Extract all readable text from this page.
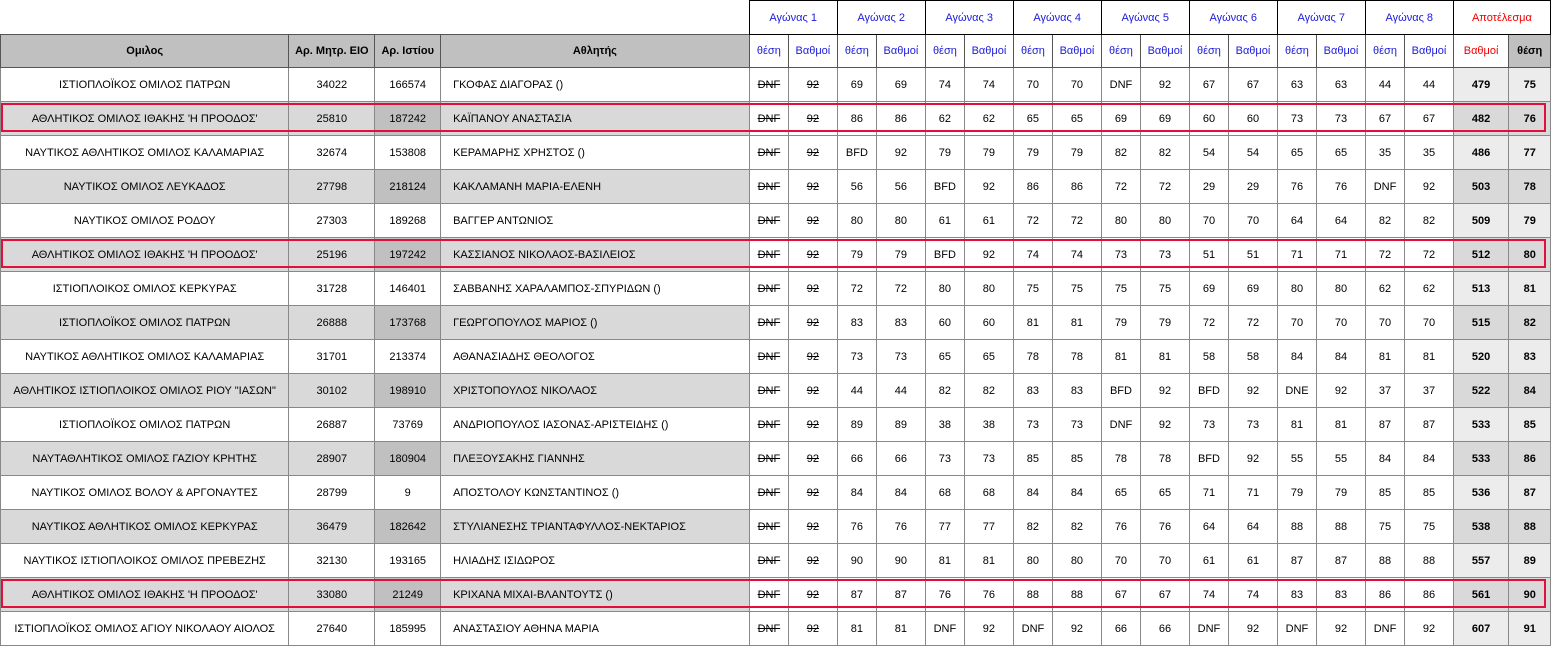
				Αγώνας 1		Αγώνας 2		Αγώνας 3		Αγώνας 4		Αγώνας 5		Αγώνας 6		Αγώνας 7		Αγώνας 8		Αποτέλεσμα	
Ομιλος	Αρ. Μητρ. ΕΙΟ	Αρ. Ιστίου	Αθλητής	θέση	Βαθμοί	θέση	Βαθμοί	θέση	Βαθμοί	θέση	Βαθμοί	θέση	Βαθμοί	θέση	Βαθμοί	θέση	Βαθμοί	θέση	Βαθμοί	Βαθμοί	θέση
ΙΣΤΙΟΠΛΟΪΚΟΣ ΟΜΙΛΟΣ ΠΑΤΡΩΝ	34022	166574	ΓΚΟΦΑΣ ΔΙΑΓΟΡΑΣ ()	DNF	92	69	69	74	74	70	70	DNF	92	67	67	63	63	44	44	479	75
ΑΘΛΗΤΙΚΟΣ ΟΜΙΛΟΣ ΙΘΑΚΗΣ 'Η ΠΡΟΟΔΟΣ'	25810	187242	ΚΑΪΠΑΝΟΥ ΑΝΑΣΤΑΣΙΑ	DNF	92	86	86	62	62	65	65	69	69	60	60	73	73	67	67	482	76
ΝΑΥΤΙΚΟΣ ΑΘΛΗΤΙΚΟΣ ΟΜΙΛΟΣ ΚΑΛΑΜΑΡΙΑΣ	32674	153808	ΚΕΡΑΜΑΡΗΣ ΧΡΗΣΤΟΣ ()	DNF	92	BFD	92	79	79	79	79	82	82	54	54	65	65	35	35	486	77
ΝΑΥΤΙΚΟΣ ΟΜΙΛΟΣ ΛΕΥΚΑΔΟΣ	27798	218124	ΚΑΚΛΑΜΑΝΗ ΜΑΡΙΑ-ΕΛΕΝΗ	DNF	92	56	56	BFD	92	86	86	72	72	29	29	76	76	DNF	92	503	78
ΝΑΥΤΙΚΟΣ ΟΜΙΛΟΣ ΡΟΔΟΥ	27303	189268	ΒΑΓΓΕΡ ΑΝΤΩΝΙΟΣ	DNF	92	80	80	61	61	72	72	80	80	70	70	64	64	82	82	509	79
ΑΘΛΗΤΙΚΟΣ ΟΜΙΛΟΣ ΙΘΑΚΗΣ 'Η ΠΡΟΟΔΟΣ'	25196	197242	ΚΑΣΣΙΑΝΟΣ ΝΙΚΟΛΑΟΣ-ΒΑΣΙΛΕΙΟΣ	DNF	92	79	79	BFD	92	74	74	73	73	51	51	71	71	72	72	512	80
ΙΣΤΙΟΠΛΟΙΚΟΣ ΟΜΙΛΟΣ ΚΕΡΚΥΡΑΣ	31728	146401	ΣΑΒΒΑΝΗΣ ΧΑΡΑΛΑΜΠΟΣ-ΣΠΥΡΙΔΩΝ ()	DNF	92	72	72	80	80	75	75	75	75	69	69	80	80	62	62	513	81
ΙΣΤΙΟΠΛΟΪΚΟΣ ΟΜΙΛΟΣ ΠΑΤΡΩΝ	26888	173768	ΓΕΩΡΓΟΠΟΥΛΟΣ ΜΑΡΙΟΣ ()	DNF	92	83	83	60	60	81	81	79	79	72	72	70	70	70	70	515	82
ΝΑΥΤΙΚΟΣ ΑΘΛΗΤΙΚΟΣ ΟΜΙΛΟΣ ΚΑΛΑΜΑΡΙΑΣ	31701	213374	ΑΘΑΝΑΣΙΑΔΗΣ ΘΕΟΛΟΓΟΣ	DNF	92	73	73	65	65	78	78	81	81	58	58	84	84	81	81	520	83
ΑΘΛΗΤΙΚΟΣ ΙΣΤΙΟΠΛΟΙΚΟΣ ΟΜΙΛΟΣ ΡΙΟΥ "ΙΑΣΩΝ"	30102	198910	ΧΡΙΣΤΟΠΟΥΛΟΣ ΝΙΚΟΛΑΟΣ	DNF	92	44	44	82	82	83	83	BFD	92	BFD	92	DNE	92	37	37	522	84
ΙΣΤΙΟΠΛΟΪΚΟΣ ΟΜΙΛΟΣ ΠΑΤΡΩΝ	26887	73769	ΑΝΔΡΙΟΠΟΥΛΟΣ ΙΑΣΟΝΑΣ-ΑΡΙΣΤΕΙΔΗΣ ()	DNF	92	89	89	38	38	73	73	DNF	92	73	73	81	81	87	87	533	85
ΝΑΥΤΑΘΛΗΤΙΚΟΣ ΟΜΙΛΟΣ ΓΑΖΙΟΥ ΚΡΗΤΗΣ	28907	180904	ΠΛΕΞΟΥΣΑΚΗΣ ΓΙΑΝΝΗΣ	DNF	92	66	66	73	73	85	85	78	78	BFD	92	55	55	84	84	533	86
ΝΑΥΤΙΚΟΣ ΟΜΙΛΟΣ ΒΟΛΟΥ & ΑΡΓΟΝΑΥΤΕΣ	28799	9	ΑΠΟΣΤΟΛΟΥ ΚΩΝΣΤΑΝΤΙΝΟΣ ()	DNF	92	84	84	68	68	84	84	65	65	71	71	79	79	85	85	536	87
ΝΑΥΤΙΚΟΣ ΑΘΛΗΤΙΚΟΣ ΟΜΙΛΟΣ ΚΕΡΚΥΡΑΣ	36479	182642	ΣΤΥΛΙΑΝΕΣΗΣ ΤΡΙΑΝΤΑΦΥΛΛΟΣ-ΝΕΚΤΑΡΙΟΣ	DNF	92	76	76	77	77	82	82	76	76	64	64	88	88	75	75	538	88
ΝΑΥΤΙΚΟΣ ΙΣΤΙΟΠΛΟΙΚΟΣ ΟΜΙΛΟΣ ΠΡΕΒΕΖΗΣ	32130	193165	ΗΛΙΑΔΗΣ ΙΣΙΔΩΡΟΣ	DNF	92	90	90	81	81	80	80	70	70	61	61	87	87	88	88	557	89
ΑΘΛΗΤΙΚΟΣ ΟΜΙΛΟΣ ΙΘΑΚΗΣ 'Η ΠΡΟΟΔΟΣ'	33080	21249	ΚΡΙΧΑΝΑ ΜΙΧΑΙ-ΒΛΑΝΤΟΥΤΣ ()	DNF	92	87	87	76	76	88	88	67	67	74	74	83	83	86	86	561	90
ΙΣΤΙΟΠΛΟΪΚΟΣ ΟΜΙΛΟΣ ΑΓΙΟΥ ΝΙΚΟΛΑΟΥ ΑΙΟΛΟΣ	27640	185995	ΑΝΑΣΤΑΣΙΟΥ ΑΘΗΝΑ ΜΑΡΙΑ	DNF	92	81	81	DNF	92	DNF	92	66	66	DNF	92	DNF	92	DNF	92	607	91
